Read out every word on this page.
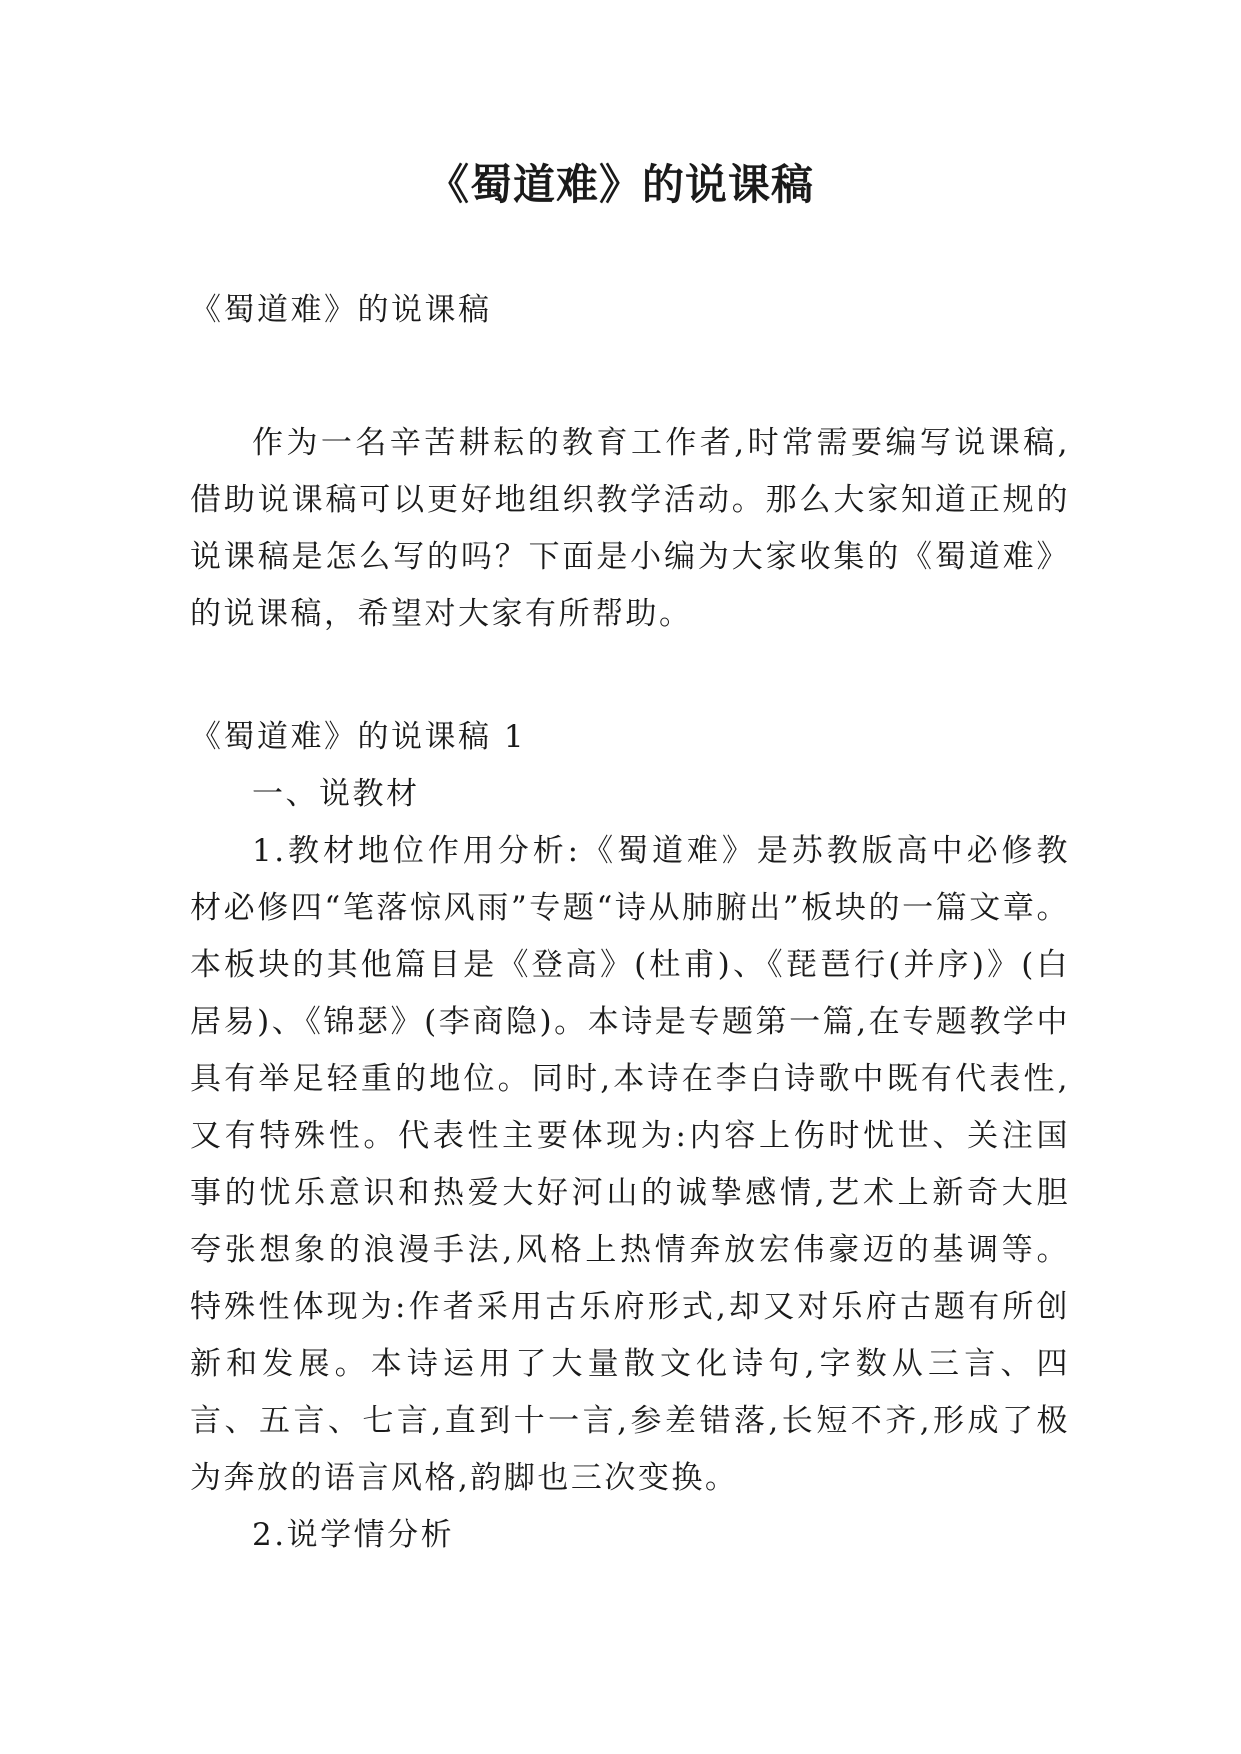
《蜀道难》的说课稿

《蜀道难》的说课稿

作为一名辛苦耕耘的教育工作者,时常需要编写说课稿,借助说课稿可以更好地组织教学活动。那么大家知道正规的说课稿是怎么写的吗？下面是小编为大家收集的《蜀道难》的说课稿，希望对大家有所帮助。

《蜀道难》的说课稿 1

一、说教材

1.教材地位作用分析:《蜀道难》是苏教版高中必修教材必修四“笔落惊风雨”专题“诗从肺腑出”板块的一篇文章。本板块的其他篇目是《登高》(杜甫)、《琵琶行(并序)》(白居易)、《锦瑟》(李商隐)。本诗是专题第一篇,在专题教学中具有举足轻重的地位。同时,本诗在李白诗歌中既有代表性,又有特殊性。代表性主要体现为:内容上伤时忧世、关注国事的忧乐意识和热爱大好河山的诚挚感情,艺术上新奇大胆夸张想象的浪漫手法,风格上热情奔放宏伟豪迈的基调等。特殊性体现为:作者采用古乐府形式,却又对乐府古题有所创新和发展。本诗运用了大量散文化诗句,字数从三言、四言、五言、七言,直到十一言,参差错落,长短不齐,形成了极为奔放的语言风格,韵脚也三次变换。

2.说学情分析
